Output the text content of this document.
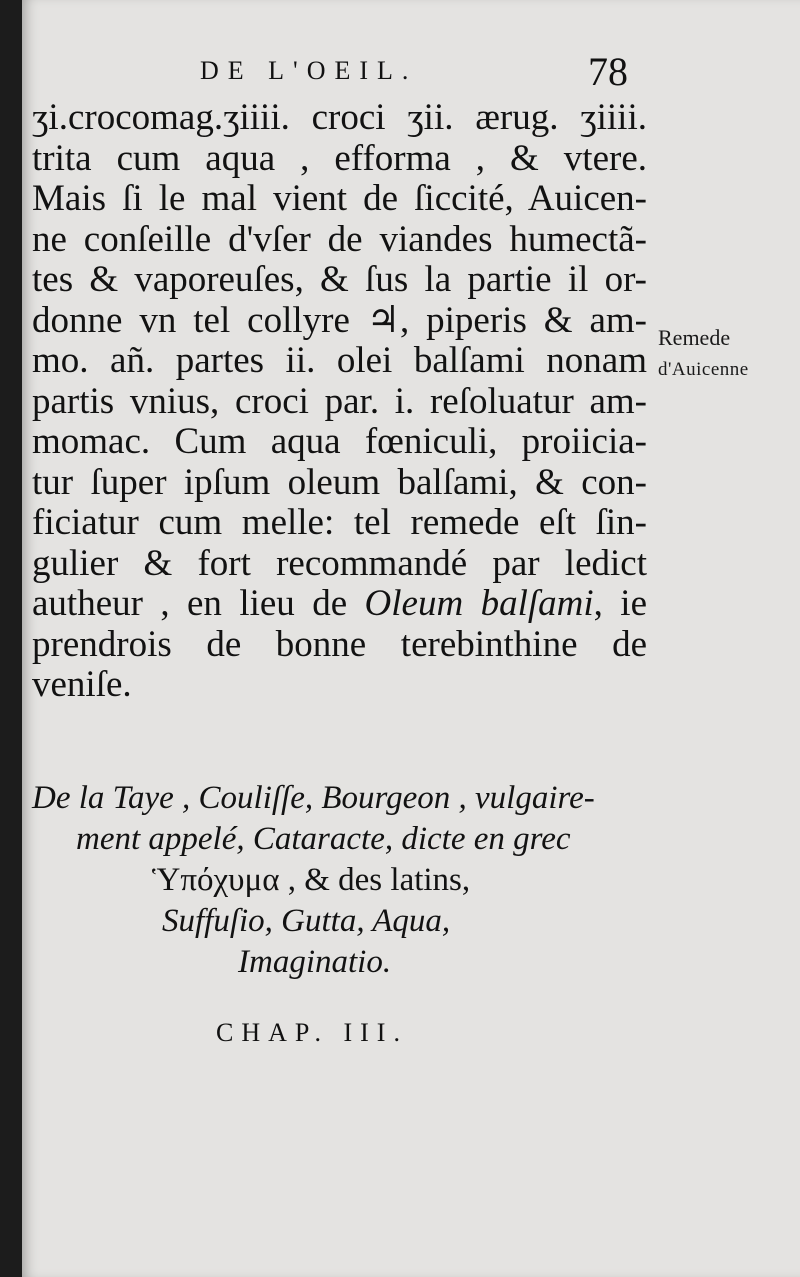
DE L'OEIL.	78
ʒi.crocomag.ʒiiii. croci ʒii. ærug. ʒiiii.
trita cum aqua , efforma , & vtere.
Mais ſi le mal vient de ſiccité, Auicen-
ne conſeille d'vſer de viandes humectã-
tes & vaporeuſes, & ſus la partie il or-
donne vn tel collyre ♃, piperis & am-
mo. añ. partes ii. olei balſami nonam
partis vnius, croci par. i. reſoluatur am-
momac. Cum aqua fœniculi, proiicia-
tur ſuper ipſum oleum balſami, & con-
ficiatur cum melle: tel remede eſt ſin-
gulier & fort recommandé par ledict
autheur , en lieu de Oleum balſami, ie
prendrois de bonne terebinthine de
veniſe.
Remede
d'Auicenne
De la Taye , Couliſſe, Bourgeon , vulgaire-
ment appelé, Cataracte, dicte en grec
Ὑπόχυμα , & des latins,
Suffuſio, Gutta, Aqua,
Imaginatio.
CHAP. III.
